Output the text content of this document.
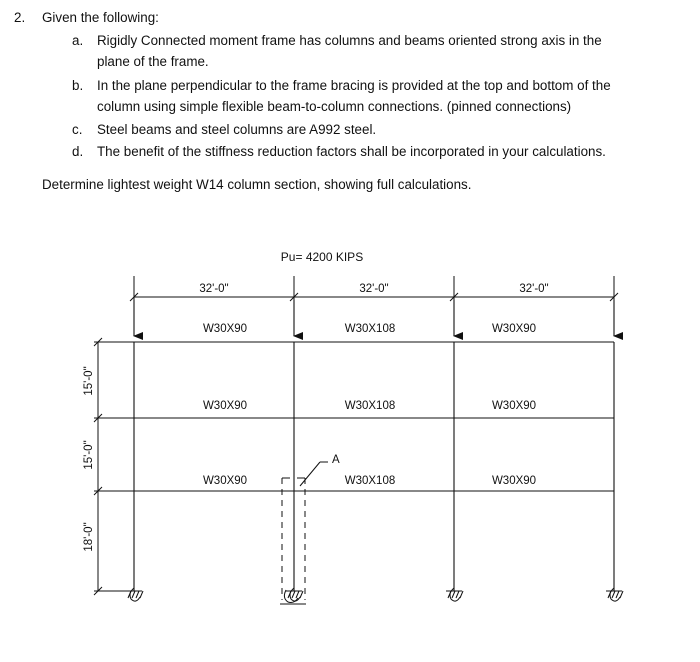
2. Given the following:
a. Rigidly Connected moment frame has columns and beams oriented strong axis in the
plane of the frame.
b. In the plane perpendicular to the frame bracing is provided at the top and bottom of the
column using simple flexible beam-to-column connections. (pinned connections)
c. Steel beams and steel columns are A992 steel.
d. The benefit of the stiffness reduction factors shall be incorporated in your calculations.
Determine lightest weight W14 column section, showing full calculations.
Pu= 4200 KIPS
32'-0"	32'-0"	32'-0"
W30X90	W30X108	W30X90
W30X90	W30X108	W30X90
W30X90	W30X108	W30X90
15'-0"
15'-0"
18'-0"
A
